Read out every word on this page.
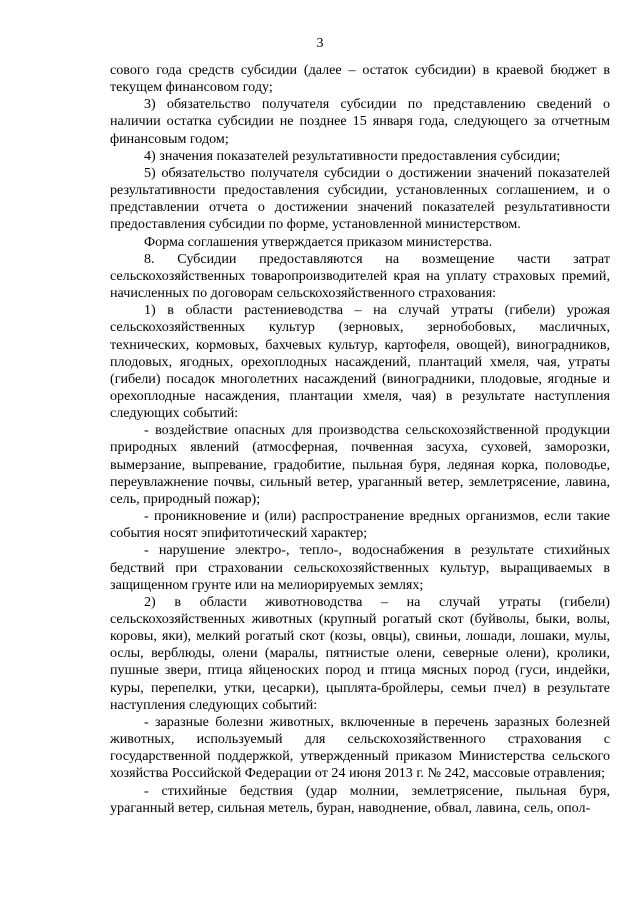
3

сового года средств субсидии (далее – остаток субсидии) в краевой бюджет в текущем финансовом году;

3) обязательство получателя субсидии по представлению сведений о наличии остатка субсидии не позднее 15 января года, следующего за отчетным финансовым годом;

4) значения показателей результативности предоставления субсидии;

5) обязательство получателя субсидии о достижении значений показателей результативности предоставления субсидии, установленных соглашением, и о представлении отчета о достижении значений показателей результативности предоставления субсидии по форме, установленной министерством.

Форма соглашения утверждается приказом министерства.

8. Субсидии предоставляются на возмещение части затрат сельскохозяйственных товаропроизводителей края на уплату страховых премий, начисленных по договорам сельскохозяйственного страхования:

1) в области растениеводства – на случай утраты (гибели) урожая сельскохозяйственных культур (зерновых, зернобобовых, масличных, технических, кормовых, бахчевых культур, картофеля, овощей), виноградников, плодовых, ягодных, орехоплодных насаждений, плантаций хмеля, чая, утраты (гибели) посадок многолетних насаждений (виноградники, плодовые, ягодные и орехоплодные насаждения, плантации хмеля, чая) в результате наступления следующих событий:

- воздействие опасных для производства сельскохозяйственной продукции природных явлений (атмосферная, почвенная засуха, суховей, заморозки, вымерзание, выпревание, градобитие, пыльная буря, ледяная корка, половодье, переувлажнение почвы, сильный ветер, ураганный ветер, землетрясение, лавина, сель, природный пожар);

- проникновение и (или) распространение вредных организмов, если такие события носят эпифитотический характер;

- нарушение электро-, тепло-, водоснабжения в результате стихийных бедствий при страховании сельскохозяйственных культур, выращиваемых в защищенном грунте или на мелиорируемых землях;

2) в области животноводства – на случай утраты (гибели) сельскохозяйственных животных (крупный рогатый скот (буйволы, быки, волы, коровы, яки), мелкий рогатый скот (козы, овцы), свиньи, лошади, лошаки, мулы, ослы, верблюды, олени (маралы, пятнистые олени, северные олени), кролики, пушные звери, птица яйценоских пород и птица мясных пород (гуси, индейки, куры, перепелки, утки, цесарки), цыплята-бройлеры, семьи пчел) в результате наступления следующих событий:

- заразные болезни животных, включенные в перечень заразных болезней животных, используемый для сельскохозяйственного страхования с государственной поддержкой, утвержденный приказом Министерства сельского хозяйства Российской Федерации от 24 июня 2013 г. № 242, массовые отравления;

- стихийные бедствия (удар молнии, землетрясение, пыльная буря, ураганный ветер, сильная метель, буран, наводнение, обвал, лавина, сель, опол-
